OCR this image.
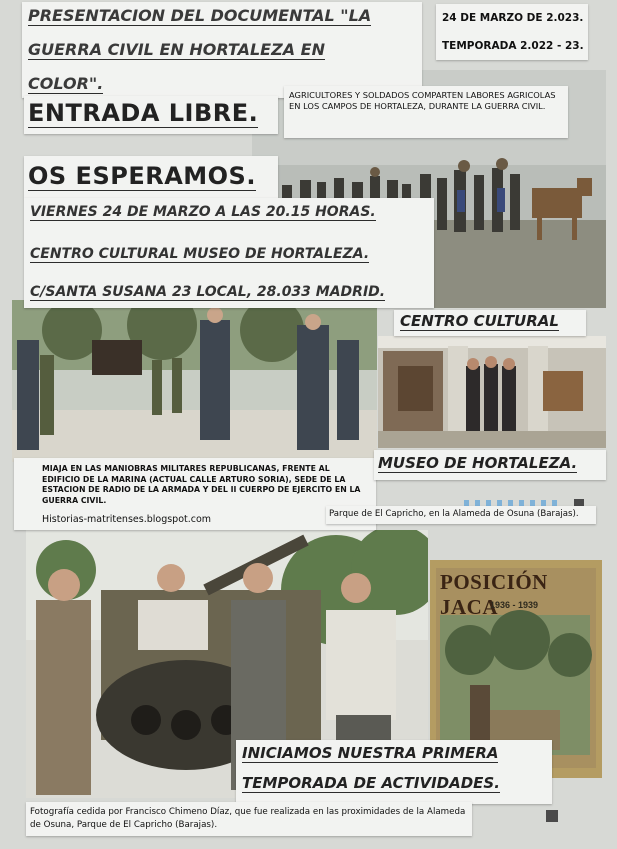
POSICIÓN JACA
1936 - 1939
PRESENTACION DEL DOCUMENTAL "LA
GUERRA CIVIL EN HORTALEZA EN
COLOR".
24 DE MARZO DE 2.023.
TEMPORADA 2.022 - 23.
AGRICULTORES Y SOLDADOS COMPARTEN LABORES AGRICOLAS EN LOS CAMPOS DE HORTALEZA, DURANTE LA GUERRA CIVIL.
ENTRADA LIBRE.
OS ESPERAMOS.
VIERNES 24 DE MARZO A LAS 20.15 HORAS.
CENTRO CULTURAL MUSEO DE HORTALEZA.
C/SANTA SUSANA 23 LOCAL, 28.033 MADRID.
CENTRO CULTURAL
MIAJA EN LAS MANIOBRAS MILITARES REPUBLICANAS, FRENTE AL EDIFICIO DE LA MARINA (ACTUAL CALLE ARTURO SORIA), SEDE DE LA ESTACION DE RADIO DE LA ARMADA Y DEL II CUERPO DE EJERCITO EN LA GUERRA CIVIL.
Historias-matritenses.blogspot.com
MUSEO DE HORTALEZA.
Parque de El Capricho, en la Alameda de Osuna (Barajas).
INICIAMOS NUESTRA PRIMERA
TEMPORADA DE ACTIVIDADES.
Fotografía cedida por Francisco Chimeno Díaz, que fue realizada en las proximidades de la Alameda de Osuna, Parque de El Capricho (Barajas).
